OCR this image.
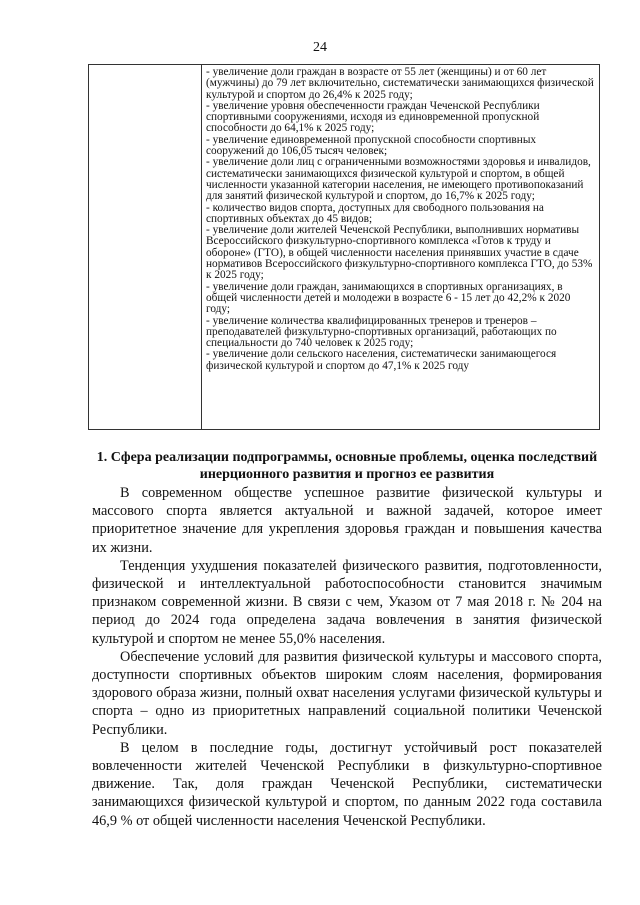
24

- увеличение доли граждан в возрасте от 55 лет (женщины) и от 60 лет (мужчины) до 79 лет включительно, систематически занимающихся физической культурой и спортом до 26,4% к 2025 году;
- увеличение уровня обеспеченности граждан Чеченской Республики спортивными сооружениями, исходя из единовременной пропускной способности до 64,1% к 2025 году;
- увеличение единовременной пропускной способности спортивных сооружений до 106,05 тысяч человек;
- увеличение доли лиц с ограниченными возможностями здоровья и инвалидов, систематически занимающихся физической культурой и спортом, в общей численности указанной категории населения, не имеющего противопоказаний для занятий физической культурой и спортом, до 16,7% к 2025 году;
- количество видов спорта, доступных для свободного пользования на спортивных объектах до 45 видов;
- увеличение доли жителей Чеченской Республики, выполнивших нормативы Всероссийского физкультурно-спортивного комплекса «Готов к труду и обороне» (ГТО), в общей численности населения принявших участие в сдаче нормативов Всероссийского физкультурно-спортивного комплекса ГТО, до 53% к 2025 году;
- увеличение доли граждан, занимающихся в спортивных организациях, в общей численности детей и молодежи в возрасте 6 - 15 лет до 42,2% к 2020 году;
- увеличение количества квалифицированных тренеров и тренеров – преподавателей физкультурно-спортивных организаций, работающих по специальности до 740 человек к 2025 году;
- увеличение доли сельского населения, систематически занимающегося физической культурой и спортом до 47,1% к 2025 году
1. Сфера реализации подпрограммы, основные проблемы, оценка последствий инерционного развития и прогноз ее развития

В современном обществе успешное развитие физической культуры и массового спорта является актуальной и важной задачей, которое имеет приоритетное значение для укрепления здоровья граждан и повышения качества их жизни.

Тенденция ухудшения показателей физического развития, подготовленности, физической и интеллектуальной работоспособности становится значимым признаком современной жизни. В связи с чем, Указом от 7 мая 2018 г. № 204 на период до 2024 года определена задача вовлечения в занятия физической культурой и спортом не менее 55,0% населения.

Обеспечение условий для развития физической культуры и массового спорта, доступности спортивных объектов широким слоям населения, формирования здорового образа жизни, полный охват населения услугами физической культуры и спорта – одно из приоритетных направлений социальной политики Чеченской Республики.

В целом в последние годы, достигнут устойчивый рост показателей вовлеченности жителей Чеченской Республики в физкультурно-спортивное движение. Так, доля граждан Чеченской Республики, систематически занимающихся физической культурой и спортом, по данным 2022 года составила 46,9 % от общей численности населения Чеченской Республики.
